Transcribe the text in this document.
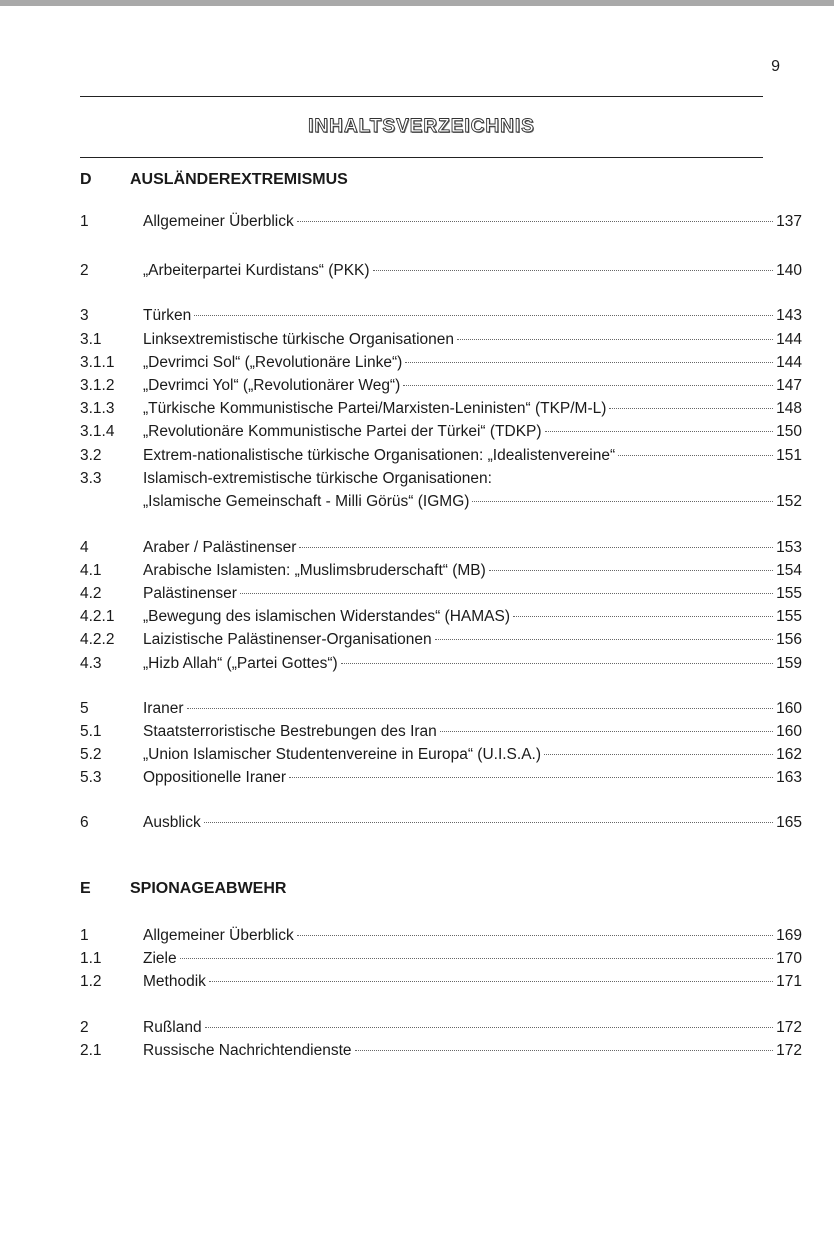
9
INHALTSVERZEICHNIS
D AUSLÄNDEREXTREMISMUS
1	Allgemeiner Überblick	137
2	„Arbeiterpartei Kurdistans“ (PKK)	140
3	Türken	143
3.1	Linksextremistische türkische Organisationen	144
3.1.1	„Devrimci Sol“ („Revolutionäre Linke“)	144
3.1.2	„Devrimci Yol“ („Revolutionärer Weg“)	147
3.1.3	„Türkische Kommunistische Partei/Marxisten-Leninisten“ (TKP/M-L)	148
3.1.4	„Revolutionäre Kommunistische Partei der Türkei“ (TDKP)	150
3.2	Extrem-nationalistische türkische Organisationen: „Idealistenvereine“	151
3.3	Islamisch-extremistische türkische Organisationen:
„Islamische Gemeinschaft - Milli Görüs“ (IGMG)	152
4	Araber / Palästinenser	153
4.1	Arabische Islamisten: „Muslimsbruderschaft“ (MB)	154
4.2	Palästinenser	155
4.2.1	„Bewegung des islamischen Widerstandes“ (HAMAS)	155
4.2.2	Laizistische Palästinenser-Organisationen	156
4.3	„Hizb Allah“ („Partei Gottes“)	159
5	Iraner	160
5.1	Staatsterroristische Bestrebungen des Iran	160
5.2	„Union Islamischer Studentenvereine in Europa“ (U.I.S.A.)	162
5.3	Oppositionelle Iraner	163
6	Ausblick	165
E SPIONAGEABWEHR
1	Allgemeiner Überblick	169
1.1	Ziele	170
1.2	Methodik	171
2	Rußland	172
2.1	Russische Nachrichtendienste	172
